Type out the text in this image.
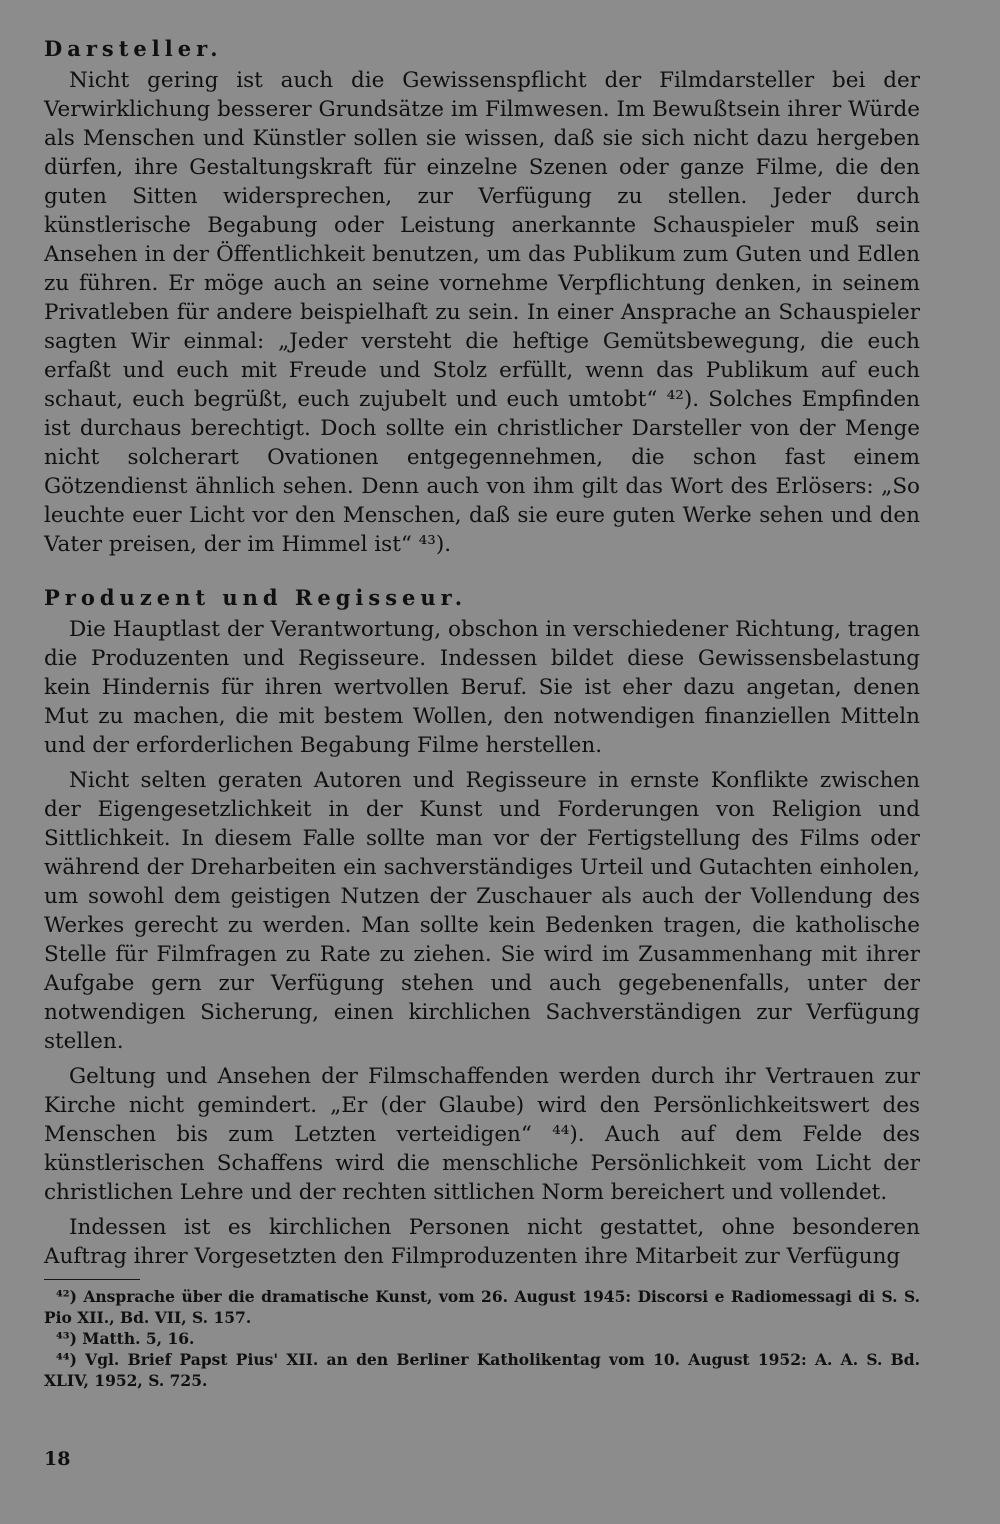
Darsteller.

Nicht gering ist auch die Gewissenspflicht der Filmdarsteller bei der Verwirklichung besserer Grundsätze im Filmwesen. Im Bewußtsein ihrer Würde als Menschen und Künstler sollen sie wissen, daß sie sich nicht dazu hergeben dürfen, ihre Gestaltungskraft für einzelne Szenen oder ganze Filme, die den guten Sitten widersprechen, zur Verfügung zu stellen. Jeder durch künstlerische Begabung oder Leistung anerkannte Schauspieler muß sein Ansehen in der Öffentlichkeit benutzen, um das Publikum zum Guten und Edlen zu führen. Er möge auch an seine vornehme Verpflichtung denken, in seinem Privatleben für andere beispielhaft zu sein. In einer Ansprache an Schauspieler sagten Wir einmal: „Jeder versteht die heftige Gemütsbewegung, die euch erfaßt und euch mit Freude und Stolz erfüllt, wenn das Publikum auf euch schaut, euch begrüßt, euch zujubelt und euch umtobt“ ⁴²). Solches Empfinden ist durchaus berechtigt. Doch sollte ein christlicher Darsteller von der Menge nicht solcherart Ovationen entgegennehmen, die schon fast einem Götzendienst ähnlich sehen. Denn auch von ihm gilt das Wort des Erlösers: „So leuchte euer Licht vor den Menschen, daß sie eure guten Werke sehen und den Vater preisen, der im Himmel ist“ ⁴³).

Produzent und Regisseur.

Die Hauptlast der Verantwortung, obschon in verschiedener Richtung, tragen die Produzenten und Regisseure. Indessen bildet diese Gewissensbelastung kein Hindernis für ihren wertvollen Beruf. Sie ist eher dazu angetan, denen Mut zu machen, die mit bestem Wollen, den notwendigen finanziellen Mitteln und der erforderlichen Begabung Filme herstellen.

Nicht selten geraten Autoren und Regisseure in ernste Konflikte zwischen der Eigengesetzlichkeit in der Kunst und Forderungen von Religion und Sittlichkeit. In diesem Falle sollte man vor der Fertigstellung des Films oder während der Dreharbeiten ein sachverständiges Urteil und Gutachten einholen, um sowohl dem geistigen Nutzen der Zuschauer als auch der Vollendung des Werkes gerecht zu werden. Man sollte kein Bedenken tragen, die katholische Stelle für Filmfragen zu Rate zu ziehen. Sie wird im Zusammenhang mit ihrer Aufgabe gern zur Verfügung stehen und auch gegebenenfalls, unter der notwendigen Sicherung, einen kirchlichen Sachverständigen zur Verfügung stellen.

Geltung und Ansehen der Filmschaffenden werden durch ihr Vertrauen zur Kirche nicht gemindert. „Er (der Glaube) wird den Persönlichkeitswert des Menschen bis zum Letzten verteidigen“ ⁴⁴). Auch auf dem Felde des künstlerischen Schaffens wird die menschliche Persönlichkeit vom Licht der christlichen Lehre und der rechten sittlichen Norm bereichert und vollendet.

Indessen ist es kirchlichen Personen nicht gestattet, ohne besonderen Auftrag ihrer Vorgesetzten den Filmproduzenten ihre Mitarbeit zur Verfügung

⁴²) Ansprache über die dramatische Kunst, vom 26. August 1945: Discorsi e Radiomessagi di S. S. Pio XII., Bd. VII, S. 157.

⁴³) Matth. 5, 16.

⁴⁴) Vgl. Brief Papst Pius' XII. an den Berliner Katholikentag vom 10. August 1952: A. A. S. Bd. XLIV, 1952, S. 725.

18
